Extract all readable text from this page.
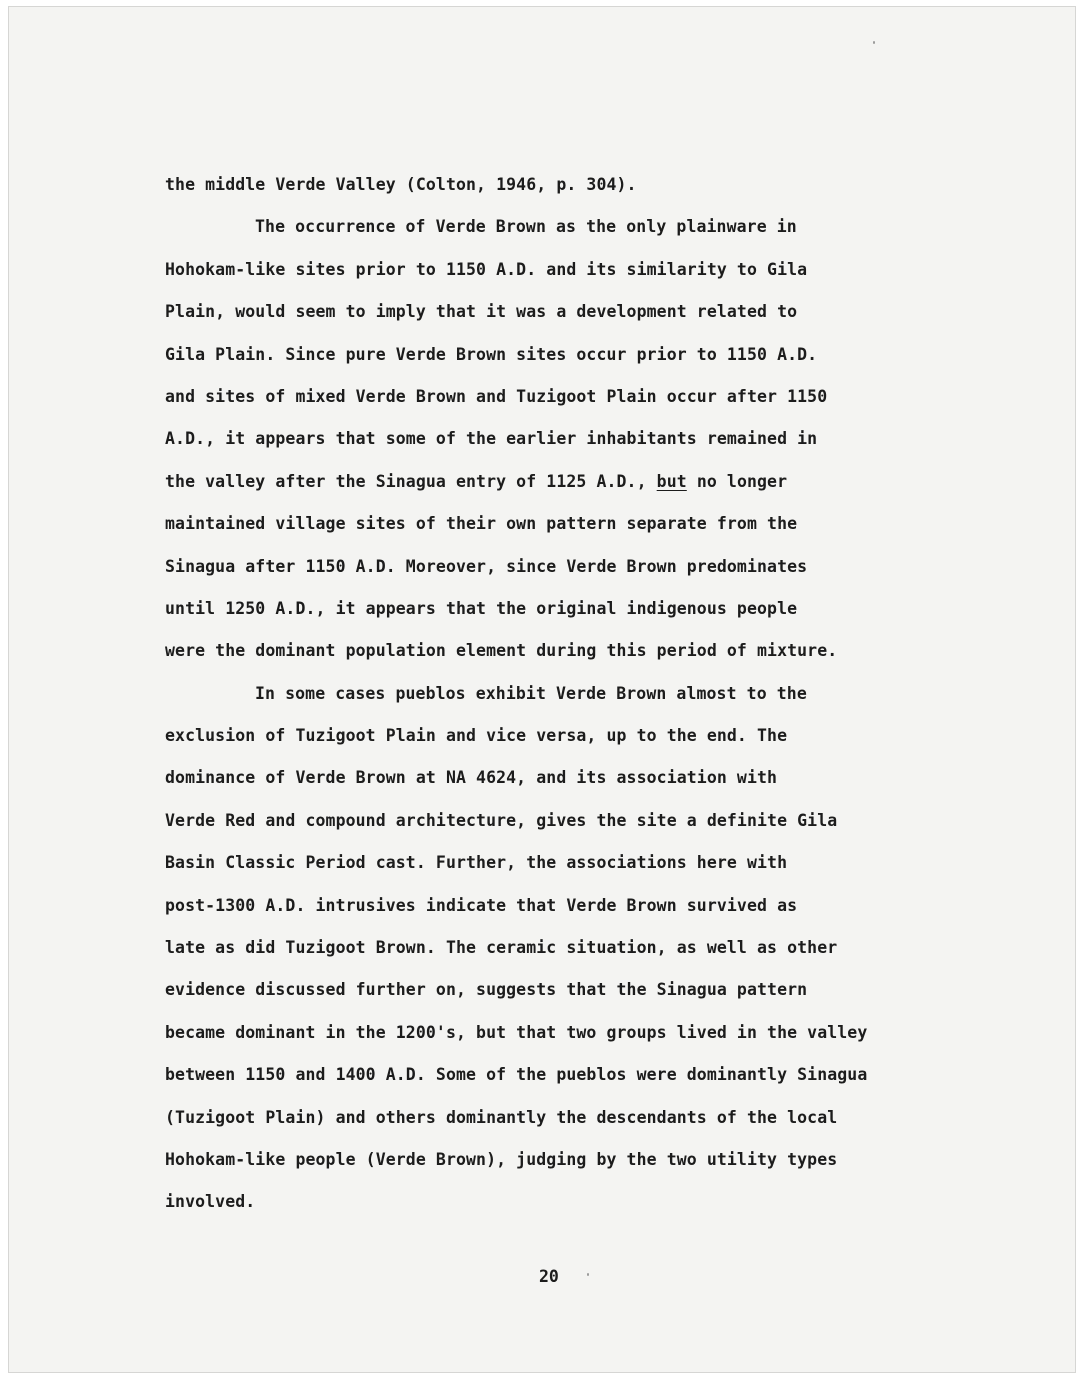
the middle Verde Valley (Colton, 1946, p. 304).
The occurrence of Verde Brown as the only plainware in
Hohokam-like sites prior to 1150 A.D. and its similarity to Gila
Plain, would seem to imply that it was a development related to
Gila Plain. Since pure Verde Brown sites occur prior to 1150 A.D.
and sites of mixed Verde Brown and Tuzigoot Plain occur after 1150
A.D., it appears that some of the earlier inhabitants remained in
the valley after the Sinagua entry of 1125 A.D., but no longer
maintained village sites of their own pattern separate from the
Sinagua after 1150 A.D. Moreover, since Verde Brown predominates
until 1250 A.D., it appears that the original indigenous people
were the dominant population element during this period of mixture.
In some cases pueblos exhibit Verde Brown almost to the
exclusion of Tuzigoot Plain and vice versa, up to the end. The
dominance of Verde Brown at NA 4624, and its association with
Verde Red and compound architecture, gives the site a definite Gila
Basin Classic Period cast. Further, the associations here with
post-1300 A.D. intrusives indicate that Verde Brown survived as
late as did Tuzigoot Brown. The ceramic situation, as well as other
evidence discussed further on, suggests that the Sinagua pattern
became dominant in the 1200's, but that two groups lived in the valley
between 1150 and 1400 A.D. Some of the pueblos were dominantly Sinagua
(Tuzigoot Plain) and others dominantly the descendants of the local
Hohokam-like people (Verde Brown), judging by the two utility types
involved.
20
